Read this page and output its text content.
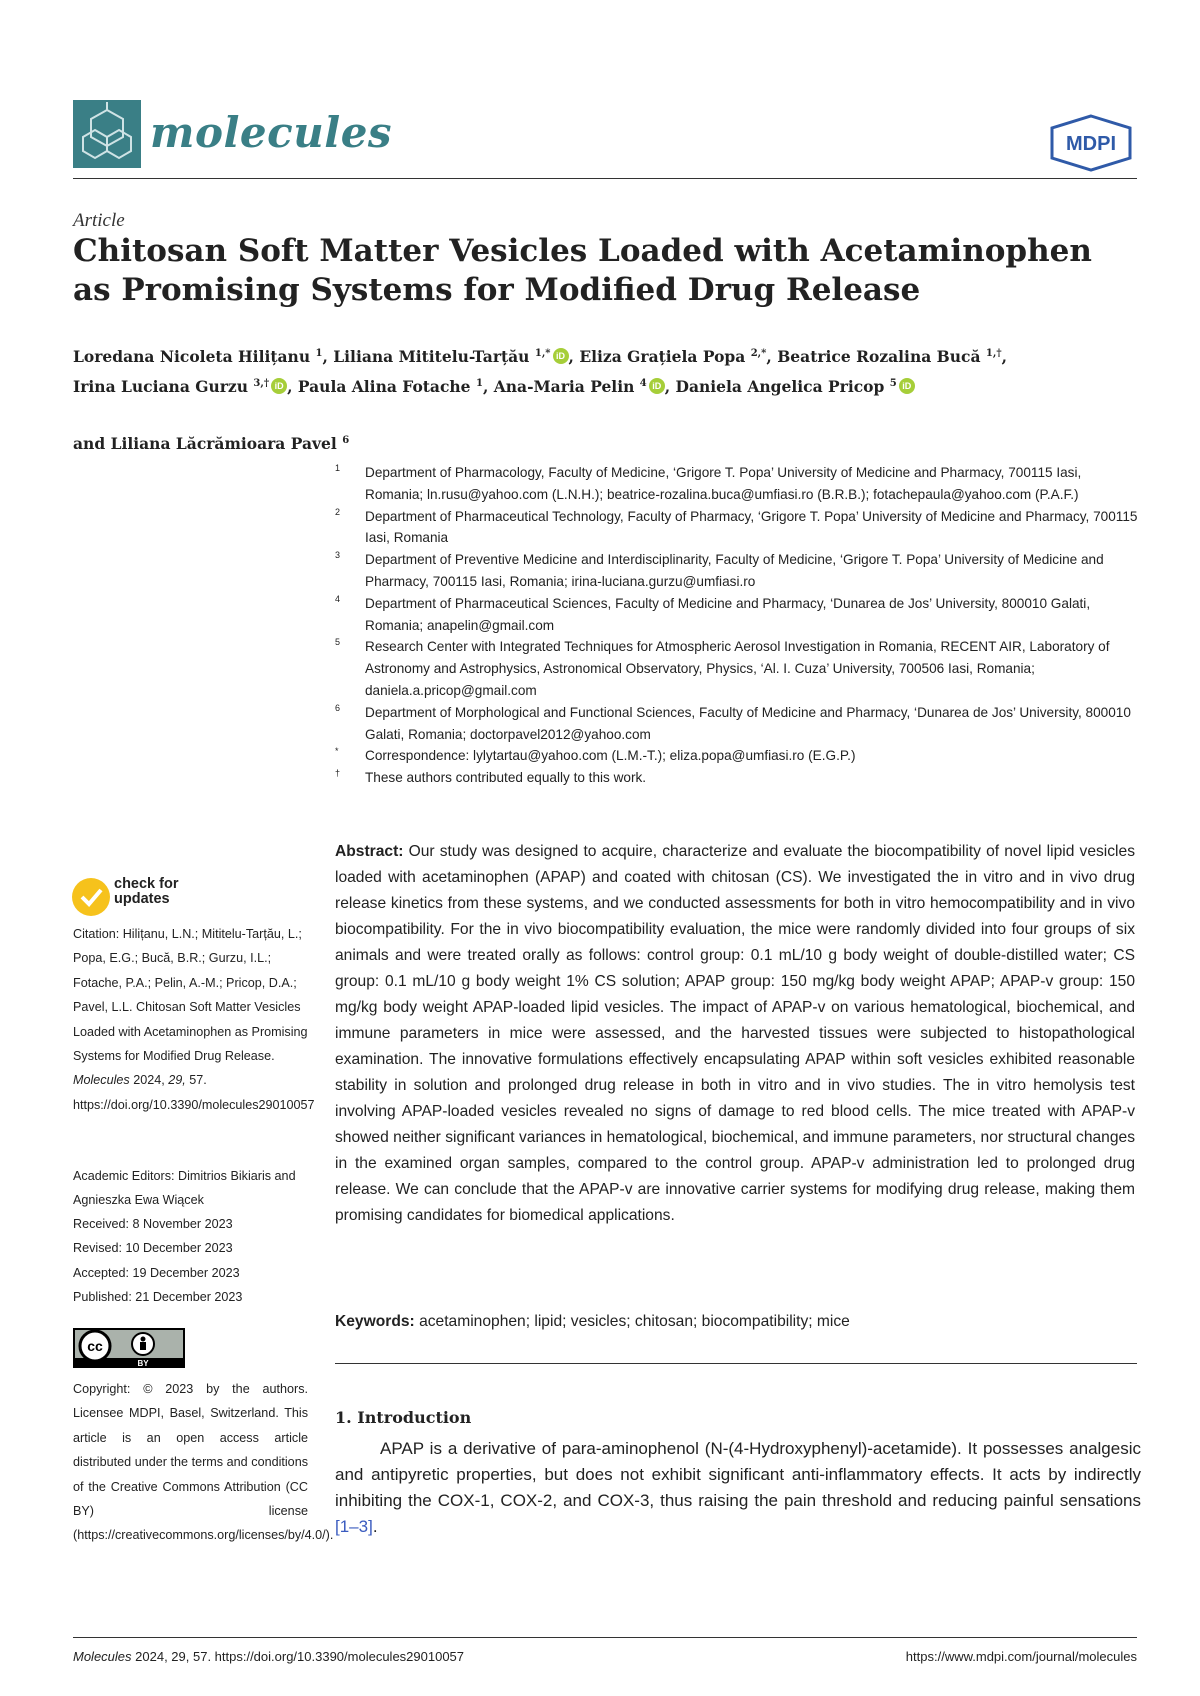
molecules	MDPI
Article
Chitosan Soft Matter Vesicles Loaded with Acetaminophen as Promising Systems for Modified Drug Release
Loredana Nicoleta Hilițanu $^1$, Liliana Mititelu-Tarțău $^{1,*}$ iD , Eliza Grațiela Popa $^{2,*}$, Beatrice Rozalina Bucă $^{1,\dagger}$,
Irina Luciana Gurzu $^{3,\dagger}$ iD , Paula Alina Fotache $^1$, Ana-Maria Pelin $^4$ iD , Daniela Angelica Pricop $^5$ iD

and Liliana Lăcrămioara Pavel $^6$
1 Department of Pharmacology, Faculty of Medicine, ‘Grigore T. Popa’ University of Medicine and Pharmacy, 700115 Iasi, Romania; ln.rusu@yahoo.com (L.N.H.); beatrice-rozalina.buca@umfiasi.ro (B.R.B.); fotachepaula@yahoo.com (P.A.F.)
2 Department of Pharmaceutical Technology, Faculty of Pharmacy, ‘Grigore T. Popa’ University of Medicine and Pharmacy, 700115 Iasi, Romania
3 Department of Preventive Medicine and Interdisciplinarity, Faculty of Medicine, ‘Grigore T. Popa’ University of Medicine and Pharmacy, 700115 Iasi, Romania; irina-luciana.gurzu@umfiasi.ro
4 Department of Pharmaceutical Sciences, Faculty of Medicine and Pharmacy, ‘Dunarea de Jos’ University, 800010 Galati, Romania; anapelin@gmail.com
5 Research Center with Integrated Techniques for Atmospheric Aerosol Investigation in Romania, RECENT AIR, Laboratory of Astronomy and Astrophysics, Astronomical Observatory, Physics, ‘Al. I. Cuza’ University, 700506 Iasi, Romania; daniela.a.pricop@gmail.com
6 Department of Morphological and Functional Sciences, Faculty of Medicine and Pharmacy, ‘Dunarea de Jos’ University, 800010 Galati, Romania; doctorpavel2012@yahoo.com
* Correspondence: lylytartau@yahoo.com (L.M.-T.); eliza.popa@umfiasi.ro (E.G.P.)
† These authors contributed equally to this work.
Abstract: Our study was designed to acquire, characterize and evaluate the biocompatibility of novel lipid vesicles loaded with acetaminophen (APAP) and coated with chitosan (CS). We investigated the in vitro and in vivo drug release kinetics from these systems, and we conducted assessments for both in vitro hemocompatibility and in vivo biocompatibility. For the in vivo biocompatibility evaluation, the mice were randomly divided into four groups of six animals and were treated orally as follows: control group: 0.1 mL/10 g body weight of double-distilled water; CS group: 0.1 mL/10 g body weight 1% CS solution; APAP group: 150 mg/kg body weight APAP; APAP-v group: 150 mg/kg body weight APAP-loaded lipid vesicles. The impact of APAP-v on various hematological, biochemical, and immune parameters in mice were assessed, and the harvested tissues were subjected to histopathological examination. The innovative formulations effectively encapsulating APAP within soft vesicles exhibited reasonable stability in solution and prolonged drug release in both in vitro and in vivo studies. The in vitro hemolysis test involving APAP-loaded vesicles revealed no signs of damage to red blood cells. The mice treated with APAP-v showed neither significant variances in hematological, biochemical, and immune parameters, nor structural changes in the examined organ samples, compared to the control group. APAP-v administration led to prolonged drug release. We can conclude that the APAP-v are innovative carrier systems for modifying drug release, making them promising candidates for biomedical applications.
Keywords: acetaminophen; lipid; vesicles; chitosan; biocompatibility; mice
1. Introduction
APAP is a derivative of para-aminophenol (N-(4-Hydroxyphenyl)-acetamide). It possesses analgesic and antipyretic properties, but does not exhibit significant anti-inflammatory effects. It acts by indirectly inhibiting the COX-1, COX-2, and COX-3, thus raising the pain threshold and reducing painful sensations [1–3].
check for updates
Citation: Hilițanu, L.N.; Mititelu-Tarțău, L.; Popa, E.G.; Bucă, B.R.; Gurzu, I.L.; Fotache, P.A.; Pelin, A.-M.; Pricop, D.A.; Pavel, L.L. Chitosan Soft Matter Vesicles Loaded with Acetaminophen as Promising Systems for Modified Drug Release. Molecules 2024, 29, 57. https://doi.org/10.3390/molecules29010057
Academic Editors: Dimitrios Bikiaris and Agnieszka Ewa Wiącek
Received: 8 November 2023
Revised: 10 December 2023
Accepted: 19 December 2023
Published: 21 December 2023
cc
BY
Copyright: © 2023 by the authors. Licensee MDPI, Basel, Switzerland. This article is an open access article distributed under the terms and conditions of the Creative Commons Attribution (CC BY) license (https://creativecommons.org/licenses/by/4.0/).
Molecules 2024, 29, 57. https://doi.org/10.3390/molecules29010057	https://www.mdpi.com/journal/molecules
